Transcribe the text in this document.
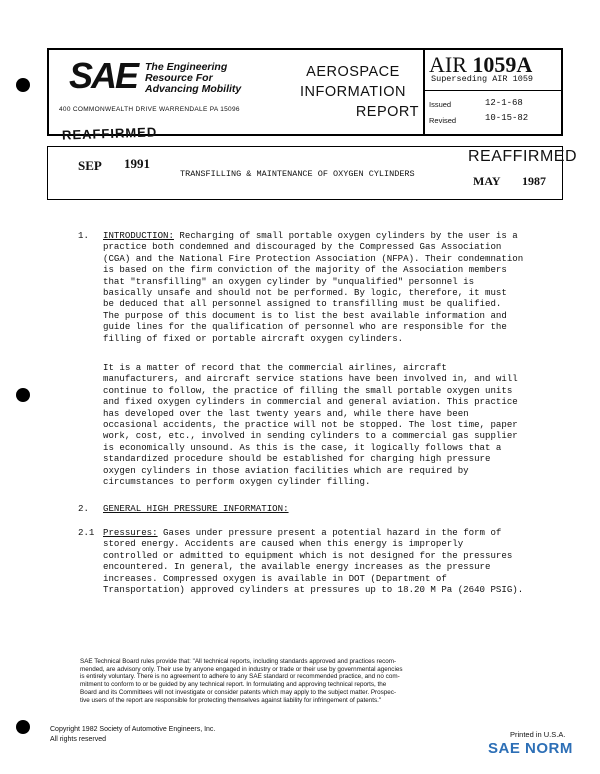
SAE The Engineering
Resource For
Advancing Mobility
400 COMMONWEALTH DRIVE WARRENDALE PA 15096
AEROSPACE
INFORMATION
REPORT
AIR 1059A
Superseding AIR 1059
Issued	12-1-68
Revised	10-15-82
REAFFIRMED
SEP 1991	REAFFIRMED
MAY 1987
TRANSFILLING & MAINTENANCE OF OXYGEN CYLINDERS
1. INTRODUCTION: Recharging of small portable oxygen cylinders by the user is a
practice both condemned and discouraged by the Compressed Gas Association
(CGA) and the National Fire Protection Association (NFPA). Their condemnation
is based on the firm conviction of the majority of the Association members
that "transfilling" an oxygen cylinder by "unqualified" personnel is
basically unsafe and should not be performed. By logic, therefore, it must
be deduced that all personnel assigned to transfilling must be qualified.
The purpose of this document is to list the best available information and
guide lines for the qualification of personnel who are responsible for the
filling of fixed or portable aircraft oxygen cylinders.
It is a matter of record that the commercial airlines, aircraft
manufacturers, and aircraft service stations have been involved in, and will
continue to follow, the practice of filling the small portable oxygen units
and fixed oxygen cylinders in commercial and general aviation. This practice
has developed over the last twenty years and, while there have been
occasional accidents, the practice will not be stopped. The lost time, paper
work, cost, etc., involved in sending cylinders to a commercial gas supplier
is economically unsound. As this is the case, it logically follows that a
standardized procedure should be established for charging high pressure
oxygen cylinders in those aviation facilities which are required by
circumstances to perform oxygen cylinder filling.
2. GENERAL HIGH PRESSURE INFORMATION:
2.1 Pressures: Gases under pressure present a potential hazard in the form of
stored energy. Accidents are caused when this energy is improperly
controlled or admitted to equipment which is not designed for the pressures
encountered. In general, the available energy increases as the pressure
increases. Compressed oxygen is available in DOT (Department of
Transportation) approved cylinders at pressures up to 18.20 M Pa (2640 PSIG).
SAE Technical Board rules provide that: "All technical reports, including standards approved and practices recom-
mended, are advisory only. Their use by anyone engaged in industry or trade or their use by governmental agencies
is entirely voluntary. There is no agreement to adhere to any SAE standard or recommended practice, and no com-
mitment to conform to or be guided by any technical report. In formulating and approving technical reports, the
Board and its Committees will not investigate or consider patents which may apply to the subject matter. Prospec-
tive users of the report are responsible for protecting themselves against liability for infringement of patents."
Copyright 1982 Society of Automotive Engineers, Inc.
All rights reserved
Printed in U.S.A.
SAE NORM
